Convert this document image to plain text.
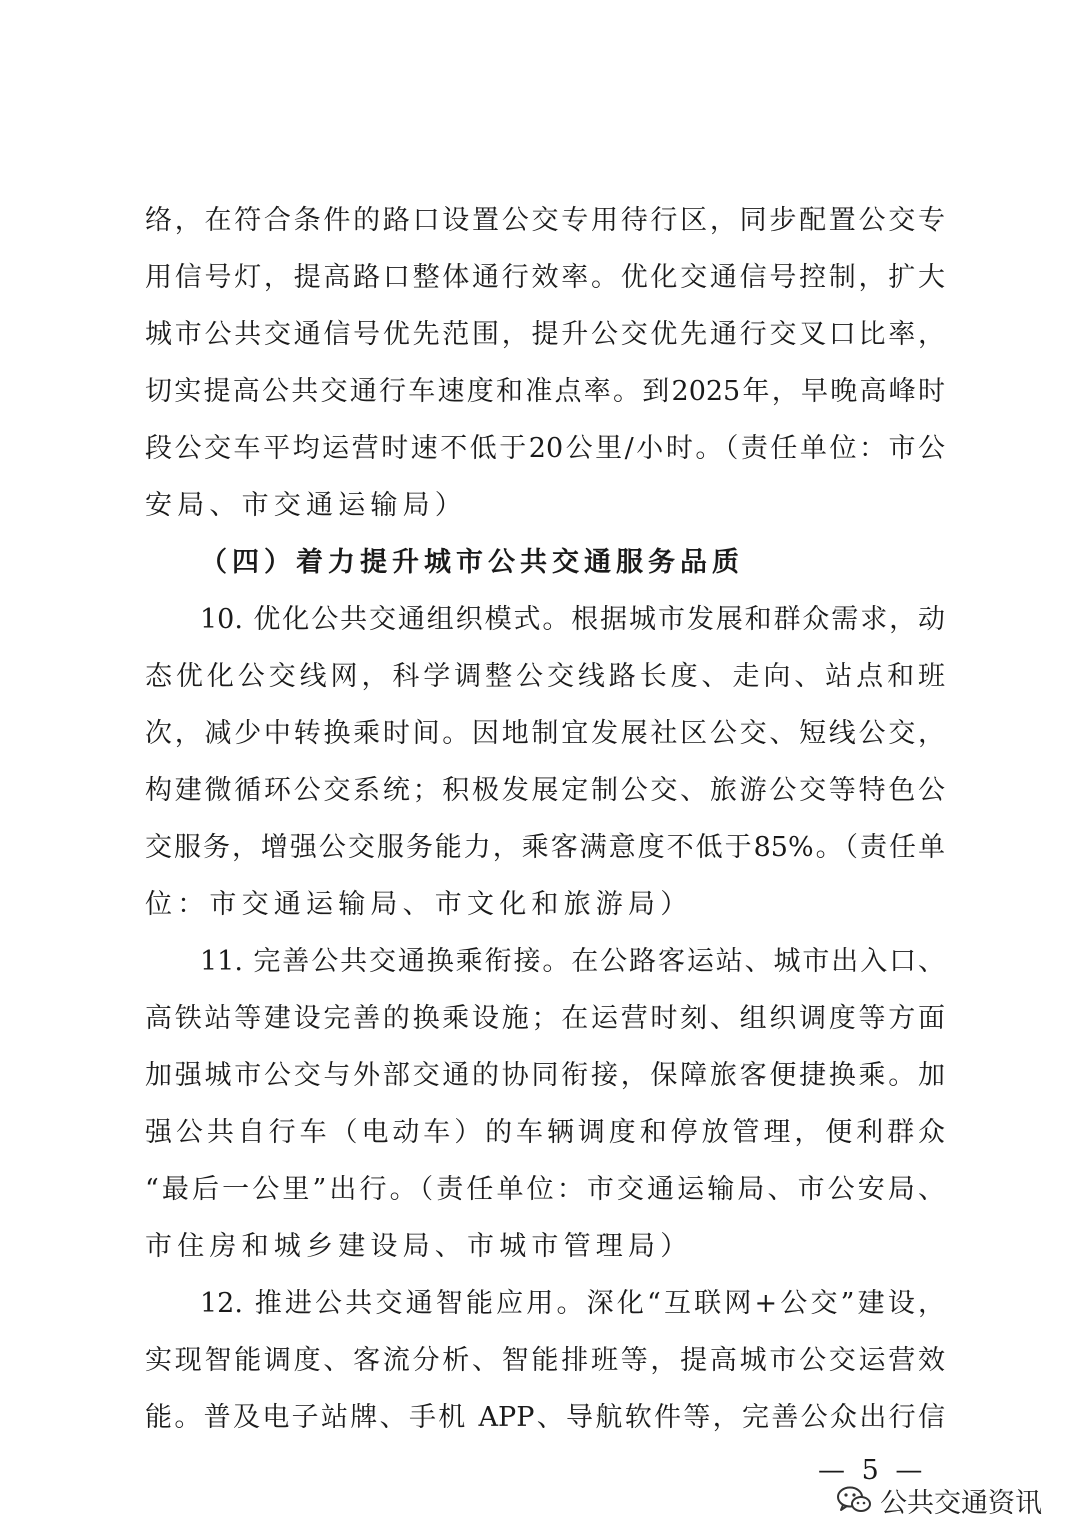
络，在符合条件的路口设置公交专用待行区，同步配置公交专
用信号灯，提高路口整体通行效率。优化交通信号控制，扩大
城市公共交通信号优先范围，提升公交优先通行交叉口比率，
切实提高公共交通行车速度和准点率。到2025年，早晚高峰时
段公交车平均运营时速不低于20公里/小时。（责任单位：市公
安局、市交通运输局）
（四）着力提升城市公共交通服务品质
10. 优化公共交通组织模式。根据城市发展和群众需求，动
态优化公交线网，科学调整公交线路长度、走向、站点和班
次，减少中转换乘时间。因地制宜发展社区公交、短线公交，
构建微循环公交系统；积极发展定制公交、旅游公交等特色公
交服务，增强公交服务能力，乘客满意度不低于85%。（责任单
位：市交通运输局、市文化和旅游局）
11. 完善公共交通换乘衔接。在公路客运站、城市出入口、
高铁站等建设完善的换乘设施；在运营时刻、组织调度等方面
加强城市公交与外部交通的协同衔接，保障旅客便捷换乘。加
强公共自行车（电动车）的车辆调度和停放管理，便利群众
“最后一公里”出行。（责任单位：市交通运输局、市公安局、
市住房和城乡建设局、市城市管理局）
12. 推进公共交通智能应用。深化“互联网+公交”建设，
实现智能调度、客流分析、智能排班等，提高城市公交运营效
能。普及电子站牌、手机 APP、导航软件等，完善公众出行信
— 5 —
公共交通资讯
